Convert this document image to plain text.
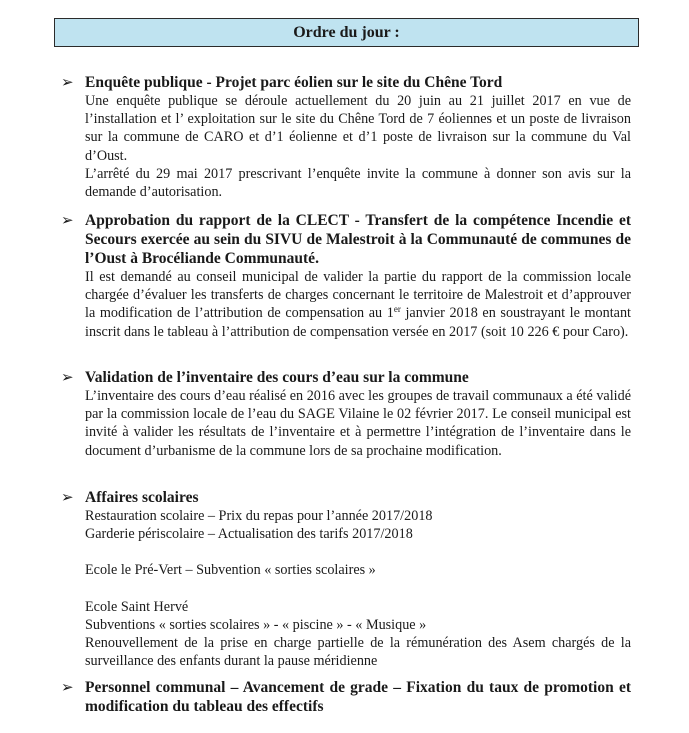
Ordre du jour :
➢ Enquête publique - Projet parc éolien sur le site du Chêne Tord

Une enquête publique se déroule actuellement du 20 juin au 21 juillet 2017 en vue de l’installation et l’ exploitation sur le site du Chêne Tord de 7 éoliennes et un poste de livraison sur la commune de CARO et d’1 éolienne et d’1 poste de livraison sur la commune du Val d’Oust.

L’arrêté du 29 mai 2017 prescrivant l’enquête invite la commune à donner son avis sur la demande d’autorisation.

➢ Approbation du rapport de la CLECT - Transfert de la compétence Incendie et Secours exercée au sein du SIVU de Malestroit à la Communauté de communes de l’Oust à Brocéliande Communauté.

Il est demandé au conseil municipal de valider la partie du rapport de la commission locale chargée d’évaluer les transferts de charges concernant le territoire de Malestroit et d’approuver la modification de l’attribution de compensation au 1er janvier 2018 en soustrayant le montant inscrit dans le tableau à l’attribution de compensation versée en 2017 (soit 10 226 € pour Caro).

➢ Validation de l’inventaire des cours d’eau sur la commune

L’inventaire des cours d’eau réalisé en 2016 avec les groupes de travail communaux a été validé par la commission locale de l’eau du SAGE Vilaine le 02 février 2017. Le conseil municipal est invité à valider les résultats de l’inventaire et à permettre l’intégration de l’inventaire dans le document d’urbanisme de la commune lors de sa prochaine modification.

➢ Affaires scolaires

Restauration scolaire – Prix du repas pour l’année 2017/2018

Garderie périscolaire – Actualisation des tarifs 2017/2018

Ecole le Pré-Vert – Subvention « sorties scolaires »

Ecole Saint Hervé

Subventions « sorties scolaires » - « piscine » - « Musique »

Renouvellement de la prise en charge partielle de la rémunération des Asem chargés de la surveillance des enfants durant la pause méridienne

➢ Personnel communal – Avancement de grade – Fixation du taux de promotion et modification du tableau des effectifs
